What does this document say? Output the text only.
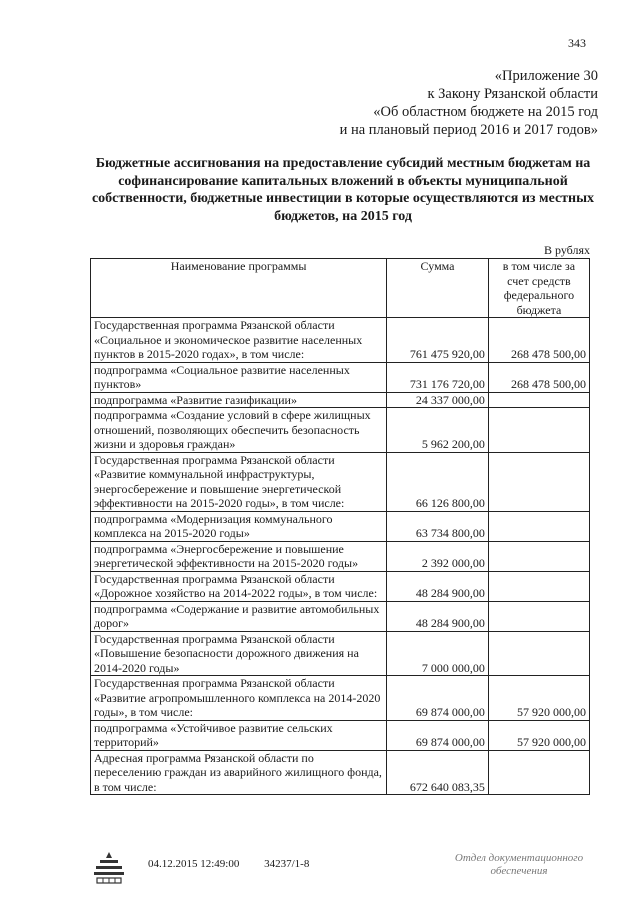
343
«Приложение 30
к Закону Рязанской области
«Об областном бюджете на 2015 год
и на плановый период 2016 и 2017 годов»
Бюджетные ассигнования на предоставление субсидий местным бюджетам на софинансирование капитальных вложений в объекты муниципальной собственности, бюджетные инвестиции в которые осуществляются из местных бюджетов, на 2015 год
В рублях
Наименование программы	Сумма	в том числе за счет средств федерального бюджета
Государственная программа Рязанской области «Социальное и экономическое развитие населенных пунктов в 2015-2020 годах», в том числе:	761 475 920,00	268 478 500,00
подпрограмма «Социальное развитие населенных пунктов»	731 176 720,00	268 478 500,00
подпрограмма «Развитие газификации»	24 337 000,00	
подпрограмма «Создание условий в сфере жилищных отношений, позволяющих обеспечить безопасность жизни и здоровья граждан»	5 962 200,00	
Государственная программа Рязанской области «Развитие коммунальной инфраструктуры, энергосбережение и повышение энергетической эффективности на 2015-2020 годы», в том числе:	66 126 800,00	
подпрограмма «Модернизация коммунального комплекса на 2015-2020 годы»	63 734 800,00	
подпрограмма «Энергосбережение и повышение энергетической эффективности на 2015-2020 годы»	2 392 000,00	
Государственная программа Рязанской области «Дорожное хозяйство на 2014-2022 годы», в том числе:	48 284 900,00	
подпрограмма «Содержание и развитие автомобильных дорог»	48 284 900,00	
Государственная программа Рязанской области «Повышение безопасности дорожного движения на 2014-2020 годы»	7 000 000,00	
Государственная программа Рязанской области «Развитие агропромышленного комплекса на 2014-2020 годы», в том числе:	69 874 000,00	57 920 000,00
подпрограмма «Устойчивое развитие сельских территорий»	69 874 000,00	57 920 000,00
Адресная программа Рязанской области по переселению граждан из аварийного жилищного фонда, в том числе:	672 640 083,35	
04.12.2015 12:49:00 34237/1-8	Отдел документационного
обеспечения
